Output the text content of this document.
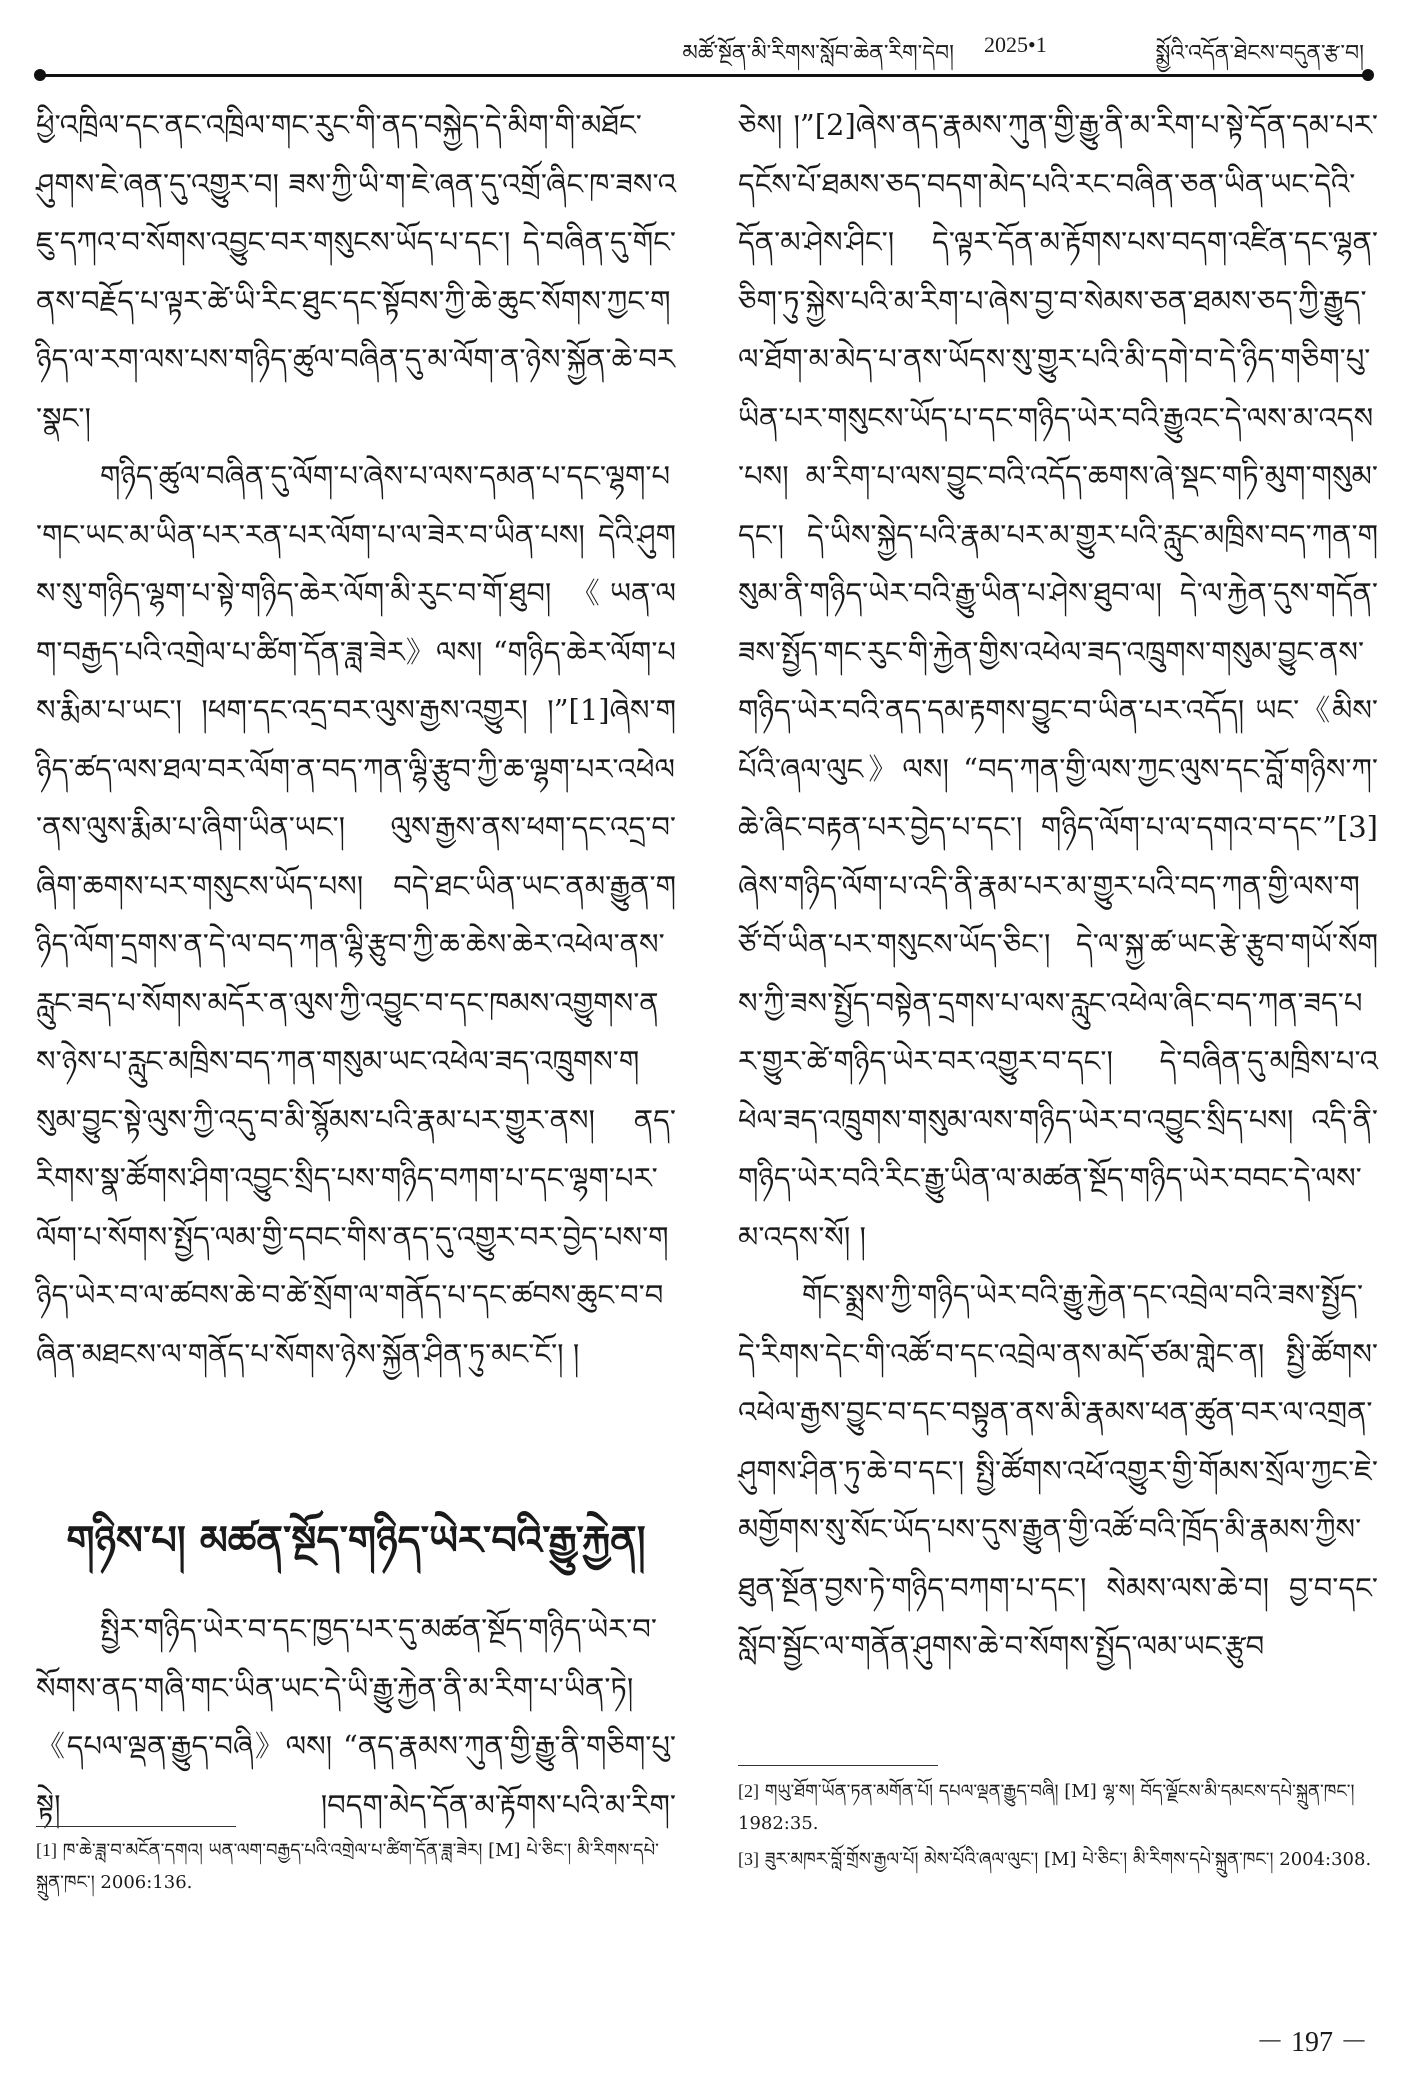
མཚོ་སྔོན་མི་རིགས་སློབ་ཆེན་རིག་དེབ། 2025•1	སྨྱོའི་འདོན་ཐེངས་བདུན་རྩ་བ།

ཕྱི་འཁྲིལ་དང་ནང་འཁྲིལ་གང་རུང་གི་ནད་བསྐྱེད་དེ་མིག་གི་མཐོང་ཤུགས་ཇེ་ཞན་དུ་འགྱུར་བ། ཟས་ཀྱི་ཡི་ག་ཇེ་ཞན་དུ་འགྲོ་ཞིང་ཁ་ཟས་འཇུ་དཀའ་བ་སོགས་འབྱུང་བར་གསུངས་ཡོད་པ་དང་། དེ་བཞིན་དུ་གོང་ནས་བརྗོད་པ་ལྟར་ཚེ་ཡི་རིང་ཐུང་དང་སྟོབས་ཀྱི་ཆེ་ཆུང་སོགས་ཀྱང་གཉིད་ལ་རག་ལས་པས་གཉིད་ཚུལ་བཞིན་དུ་མ་ལོག་ན་ཉེས་སྐྱོན་ཆེ་བར་སྣང་།

གཉིད་ཚུལ་བཞིན་དུ་ལོག་པ་ཞེས་པ་ལས་དམན་པ་དང་ལྷག་པ་གང་ཡང་མ་ཡིན་པར་རན་པར་ལོག་པ་ལ་ཟེར་བ་ཡིན་པས། དེའི་ཤུགས་སུ་གཉིད་ལྷག་པ་སྟེ་གཉིད་ཆེར་ལོག་མི་རུང་བ་གོ་ཐུབ། 《ཡན་ལག་བརྒྱད་པའི་འགྲེལ་པ་ཚིག་དོན་ཟླ་ཟེར》ལས། “གཉིད་ཆེར་ལོག་པས་རྨིམ་པ་ཡང་། །ཕག་དང་འདྲ་བར་ལུས་རྒྱས་འགྱུར། །”[1]ཞེས་གཉིད་ཚད་ལས་ཐལ་བར་ལོག་ན་བད་ཀན་ལྷི་རྩུབ་ཀྱི་ཆ་ལྷག་པར་འཕེལ་ནས་ལུས་རྨིམ་པ་ཞིག་ཡིན་ཡང་། ལུས་རྒྱས་ནས་ཕག་དང་འདྲ་བ་ཞིག་ཆགས་པར་གསུངས་ཡོད་པས། བདེ་ཐང་ཡིན་ཡང་ནམ་རྒྱུན་གཉིད་ལོག་དྲགས་ན་དེ་ལ་བད་ཀན་ལྷི་རྩུབ་ཀྱི་ཆ་ཆེས་ཆེར་འཕེལ་ནས་རླུང་ཟད་པ་སོགས་མདོར་ན་ལུས་ཀྱི་འབྱུང་བ་དང་ཁམས་འགྱུགས་ནས་ཉེས་པ་རླུང་མཁྲིས་བད་ཀན་གསུམ་ཡང་འཕེལ་ཟད་འཁྲུགས་གསུམ་བྱུང་སྟེ་ལུས་ཀྱི་འདུ་བ་མི་སྙོམས་པའི་རྣམ་པར་གྱུར་ནས། ནད་རིགས་སྣ་ཚོགས་ཤིག་འབྱུང་སྲིད་པས་གཉིད་བཀག་པ་དང་ལྷག་པར་ལོག་པ་སོགས་སྤྱོད་ལམ་གྱི་དབང་གིས་ནད་དུ་འགྱུར་བར་བྱེད་པས་གཉིད་ཡེར་བ་ལ་ཚབས་ཆེ་བ་ཚེ་སྲོག་ལ་གནོད་པ་དང་ཚབས་ཆུང་བ་བཞིན་མཐངས་ལ་གནོད་པ་སོགས་ཉེས་སྐྱོན་ཤིན་ཏུ་མང་ངོ་། །

གཉིས་པ། མཚན་སྔོད་གཉིད་ཡེར་བའི་རྒྱུ་རྐྱེན།

སྤྱིར་གཉིད་ཡེར་བ་དང་ཁྱད་པར་དུ་མཚན་སྔོད་གཉིད་ཡེར་བ་སོགས་ནད་གཞི་གང་ཡིན་ཡང་དེ་ཡི་རྒྱུ་རྐྱེན་ནི་མ་རིག་པ་ཡིན་ཏེ། 《དཔལ་ལྡན་རྒྱུད་བཞི》ལས། “ནད་རྣམས་ཀུན་གྱི་རྒྱུ་ནི་གཅིག་པུ་སྟེ། །བདག་མེད་དོན་མ་རྟོགས་པའི་མ་རིག་

[1] ཁ་ཆེ་ཟླ་བ་མངོན་དགའ། ཡན་ལག་བརྒྱད་པའི་འགྲེལ་པ་ཚིག་དོན་ཟླ་ཟེར། [M] པེ་ཅིང་། མི་རིགས་དཔེ་སྐྲུན་ཁང་། 2006:136.

ཅེས། །”[2]ཞེས་ནད་རྣམས་ཀུན་གྱི་རྒྱུ་ནི་མ་རིག་པ་སྟེ་དོན་དམ་པར་དངོས་པོ་ཐམས་ཅད་བདག་མེད་པའི་རང་བཞིན་ཅན་ཡིན་ཡང་དེའི་དོན་མ་ཤེས་ཤིང་། དེ་ལྟར་དོན་མ་རྟོགས་པས་བདག་འཛིན་དང་ལྷན་ཅིག་ཏུ་སྐྱེས་པའི་མ་རིག་པ་ཞེས་བྱ་བ་སེམས་ཅན་ཐམས་ཅད་ཀྱི་རྒྱུད་ལ་ཐོག་མ་མེད་པ་ནས་ཡོདས་སུ་གྱུར་པའི་མི་དགེ་བ་དེ་ཉིད་གཅིག་པུ་ཡིན་པར་གསུངས་ཡོད་པ་དང་གཉིད་ཡེར་བའི་རྒྱུའང་དེ་ལས་མ་འདས་པས། མ་རིག་པ་ལས་བྱུང་བའི་འདོད་ཆགས་ཞེ་སྡང་གཏི་མུག་གསུམ་དང་། དེ་ཡིས་སྐྱེད་པའི་རྣམ་པར་མ་གྱུར་པའི་རླུང་མཁྲིས་བད་ཀན་གསུམ་ནི་གཉིད་ཡེར་བའི་རྒྱུ་ཡིན་པ་ཤེས་ཐུབ་ལ། དེ་ལ་རྐྱེན་དུས་གདོན་ཟས་སྤྱོད་གང་རུང་གི་རྐྱེན་གྱིས་འཕེལ་ཟད་འཁྲུགས་གསུམ་བྱུང་ནས་གཉིད་ཡེར་བའི་ནད་དམ་རྟགས་བྱུང་བ་ཡིན་པར་འདོད། ཡང་《མིས་པོའི་ཞལ་ལུང》ལས། “བད་ཀན་གྱི་ལས་ཀྱང་ལུས་དང་བློ་གཉིས་ཀ་ཆེ་ཞིང་བརྟན་པར་བྱེད་པ་དང་། གཉིད་ལོག་པ་ལ་དགའ་བ་དང་”[3]ཞེས་གཉིད་ལོག་པ་འདི་ནི་རྣམ་པར་མ་གྱུར་པའི་བད་ཀན་གྱི་ལས་གཙོ་བོ་ཡིན་པར་གསུངས་ཡོད་ཅིང་། དེ་ལ་སྐྱ་ཚ་ཡང་རྩེ་རྩུབ་གཡོ་སོགས་ཀྱི་ཟས་སྤྱོད་བསྟེན་དྲགས་པ་ལས་རླུང་འཕེལ་ཞིང་བད་ཀན་ཟད་པར་གྱུར་ཚེ་གཉིད་ཡེར་བར་འགྱུར་བ་དང་། དེ་བཞིན་དུ་མཁྲིས་པ་འཕེལ་ཟད་འཁྲུགས་གསུམ་ལས་གཉིད་ཡེར་བ་འབྱུང་སྲིད་པས། འདི་ནི་གཉིད་ཡེར་བའི་རིང་རྒྱུ་ཡིན་ལ་མཚན་སྔོད་གཉིད་ཡེར་བབང་དེ་ལས་མ་འདས་སོ། །

གོང་སྨྲས་ཀྱི་གཉིད་ཡེར་བའི་རྒྱུ་རྐྱེན་དང་འབྲེལ་བའི་ཟས་སྤྱོད་དེ་རིགས་དེང་གི་འཚོ་བ་དང་འབྲེལ་ནས་མདོ་ཙམ་གླེང་ན། སྤྱི་ཚོགས་འཕེལ་རྒྱས་བྱུང་བ་དང་བསྟུན་ནས་མི་རྣམས་ཕན་ཚུན་བར་ལ་འགྲན་ཤུགས་ཤིན་ཏུ་ཆེ་བ་དང་། སྤྱི་ཚོགས་འཕོ་འགྱུར་གྱི་གོམས་སྲོལ་ཀྱང་ཇེ་མགྱོགས་སུ་སོང་ཡོད་པས་དུས་རྒྱུན་གྱི་འཚོ་བའི་ཁྲོད་མི་རྣམས་ཀྱིས་ཐུན་སྔོན་བྱས་ཏེ་གཉིད་བཀག་པ་དང་། སེམས་ལས་ཆེ་བ། བྱ་བ་དང་སློབ་སྦྱོང་ལ་གནོན་ཤུགས་ཆེ་བ་སོགས་སྤྱོད་ལམ་ཡང་རྩུབ

[2] གཡུ་ཐོག་ཡོན་ཏན་མགོན་པོ། དཔལ་ལྡན་རྒྱུད་བཞི། [M] ལྷ་ས། བོད་ལྗོངས་མི་དམངས་དཔེ་སྐྲུན་ཁང་། 1982:35.
[3] ཟུར་མཁར་བློ་གྲོས་རྒྱལ་པོ། མེས་པོའི་ཞལ་ལུང་། [M] པེ་ཅིང་། མི་རིགས་དཔེ་སྐྲུན་ཁང་། 2004:308.
－ 197 －
